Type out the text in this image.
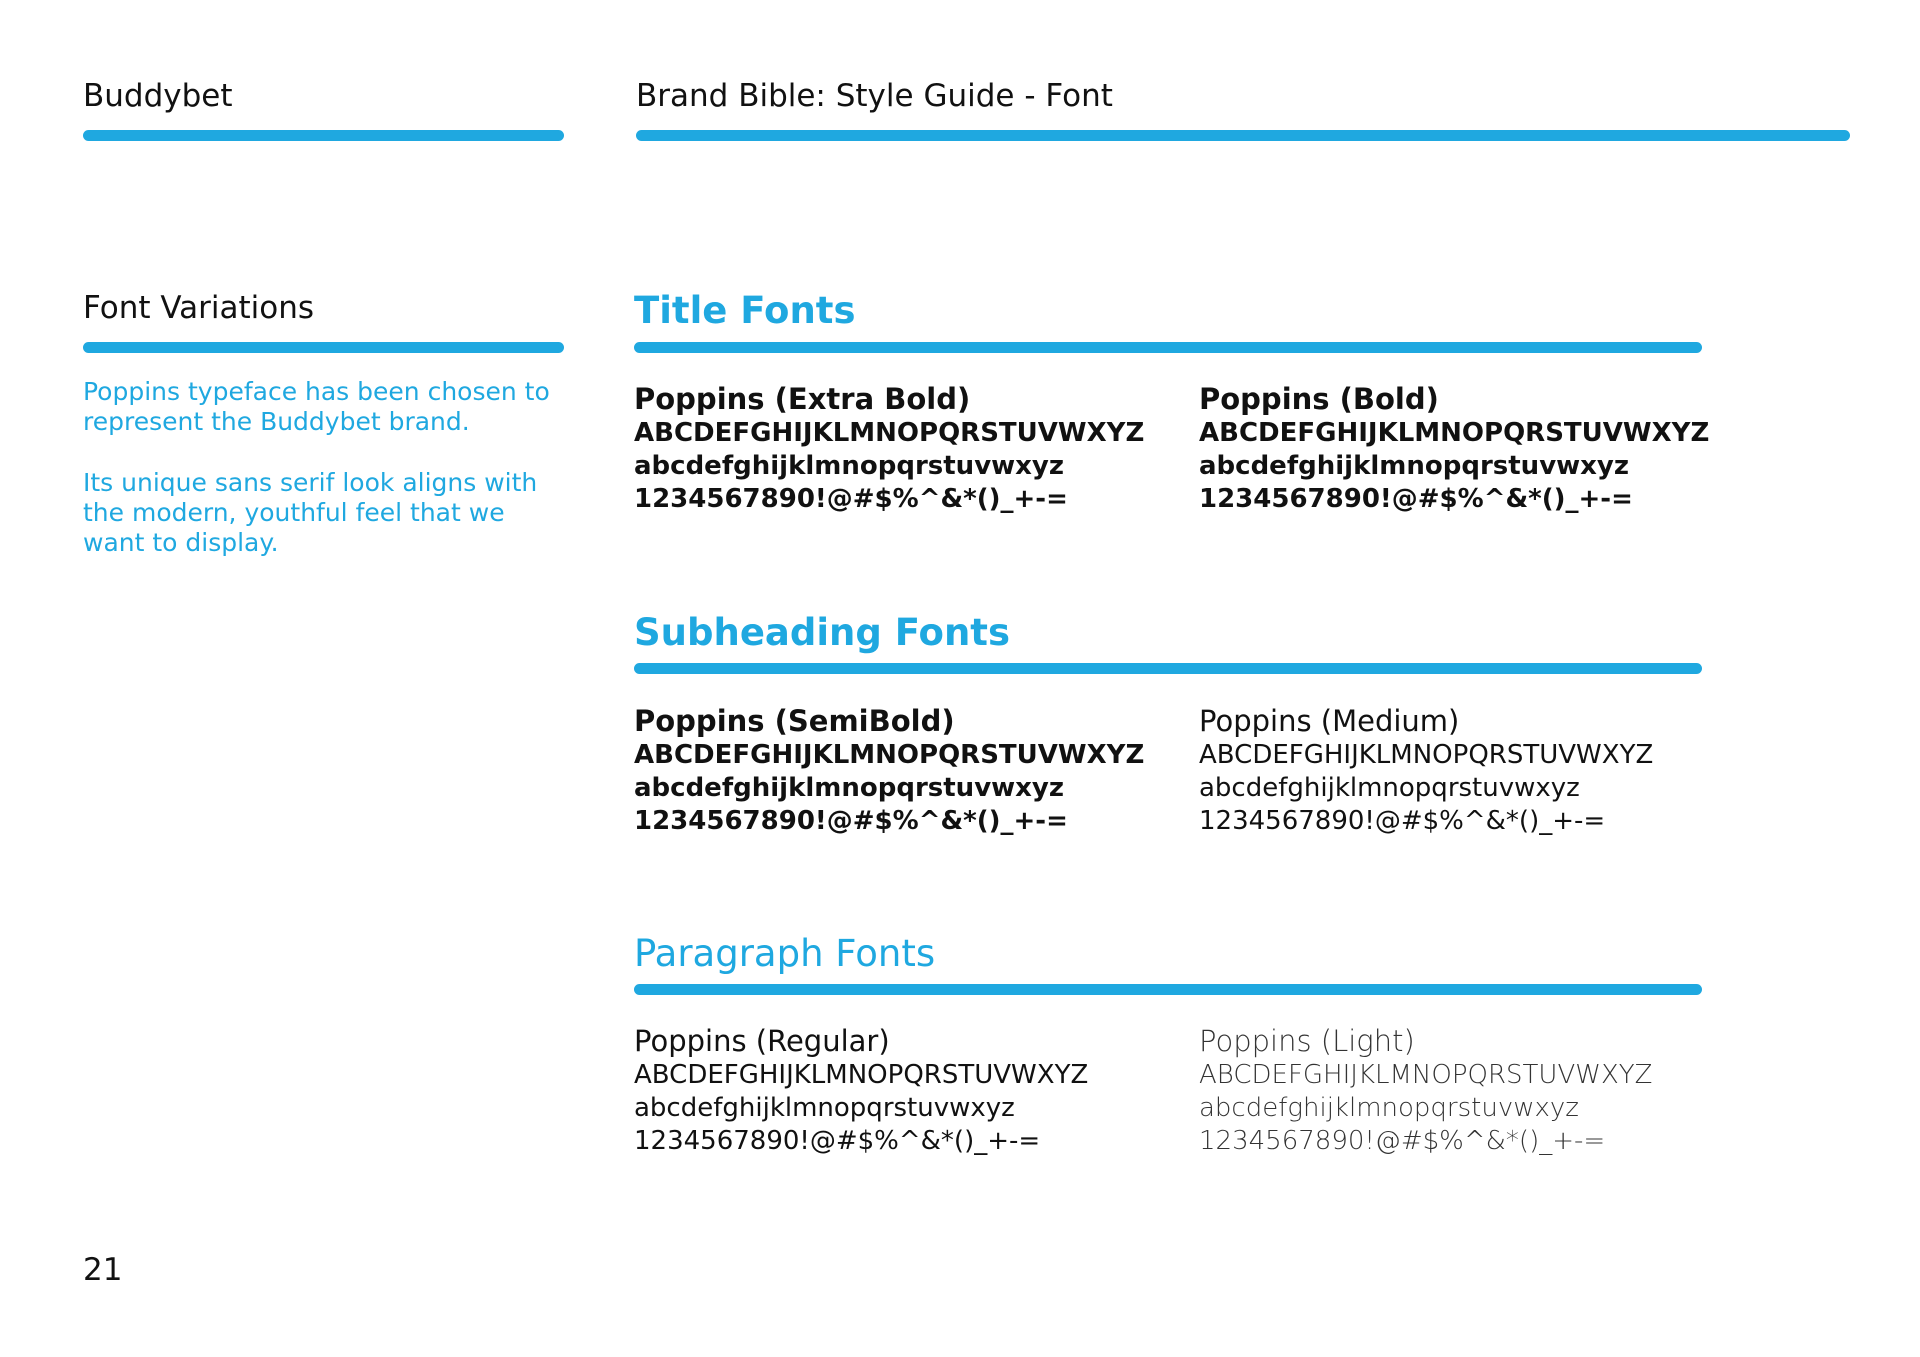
Buddybet	Brand Bible: Style Guide - Font
Font Variations
Poppins typeface has been chosen to represent the Buddybet brand.
Its unique sans serif look aligns with the modern, youthful feel that we want to display.
Title Fonts
Poppins (Extra Bold)
ABCDEFGHIJKLMNOPQRSTUVWXYZ
abcdefghijklmnopqrstuvwxyz
1234567890!@#$%^&*()_+-=
Poppins (Bold)
ABCDEFGHIJKLMNOPQRSTUVWXYZ
abcdefghijklmnopqrstuvwxyz
1234567890!@#$%^&*()_+-=
Subheading Fonts
Poppins (SemiBold)
ABCDEFGHIJKLMNOPQRSTUVWXYZ
abcdefghijklmnopqrstuvwxyz
1234567890!@#$%^&*()_+-=
Poppins (Medium)
ABCDEFGHIJKLMNOPQRSTUVWXYZ
abcdefghijklmnopqrstuvwxyz
1234567890!@#$%^&*()_+-=
Paragraph Fonts
Poppins (Regular)
ABCDEFGHIJKLMNOPQRSTUVWXYZ
abcdefghijklmnopqrstuvwxyz
1234567890!@#$%^&*()_+-=
Poppins (Light)
ABCDEFGHIJKLMNOPQRSTUVWXYZ
abcdefghijklmnopqrstuvwxyz
1234567890!@#$%^&*()_+-=
21
